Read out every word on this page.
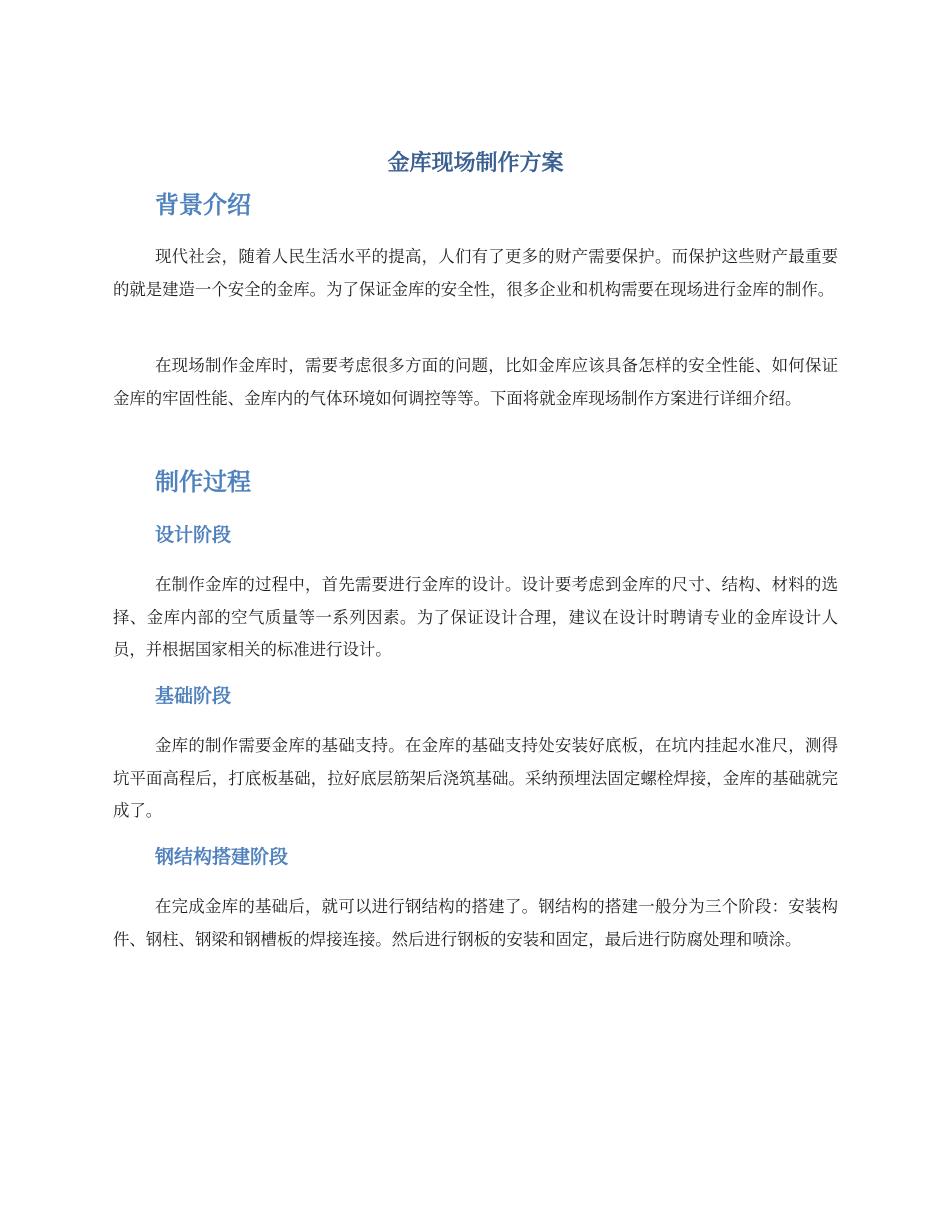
金库现场制作方案
背景介绍

现代社会，随着人民生活水平的提高，人们有了更多的财产需要保护。而保护这些财产最重要的就是建造一个安全的金库。为了保证金库的安全性，很多企业和机构需要在现场进行金库的制作。

在现场制作金库时，需要考虑很多方面的问题，比如金库应该具备怎样的安全性能、如何保证金库的牢固性能、金库内的气体环境如何调控等等。下面将就金库现场制作方案进行详细介绍。

制作过程
设计阶段

在制作金库的过程中，首先需要进行金库的设计。设计要考虑到金库的尺寸、结构、材料的选择、金库内部的空气质量等一系列因素。为了保证设计合理，建议在设计时聘请专业的金库设计人员，并根据国家相关的标准进行设计。

基础阶段

金库的制作需要金库的基础支持。在金库的基础支持处安装好底板，在坑内挂起水准尺，测得坑平面高程后，打底板基础，拉好底层筋架后浇筑基础。采纳预埋法固定螺栓焊接，金库的基础就完成了。

钢结构搭建阶段

在完成金库的基础后，就可以进行钢结构的搭建了。钢结构的搭建一般分为三个阶段：安装构件、钢柱、钢梁和钢槽板的焊接连接。然后进行钢板的安装和固定，最后进行防腐处理和喷涂。
